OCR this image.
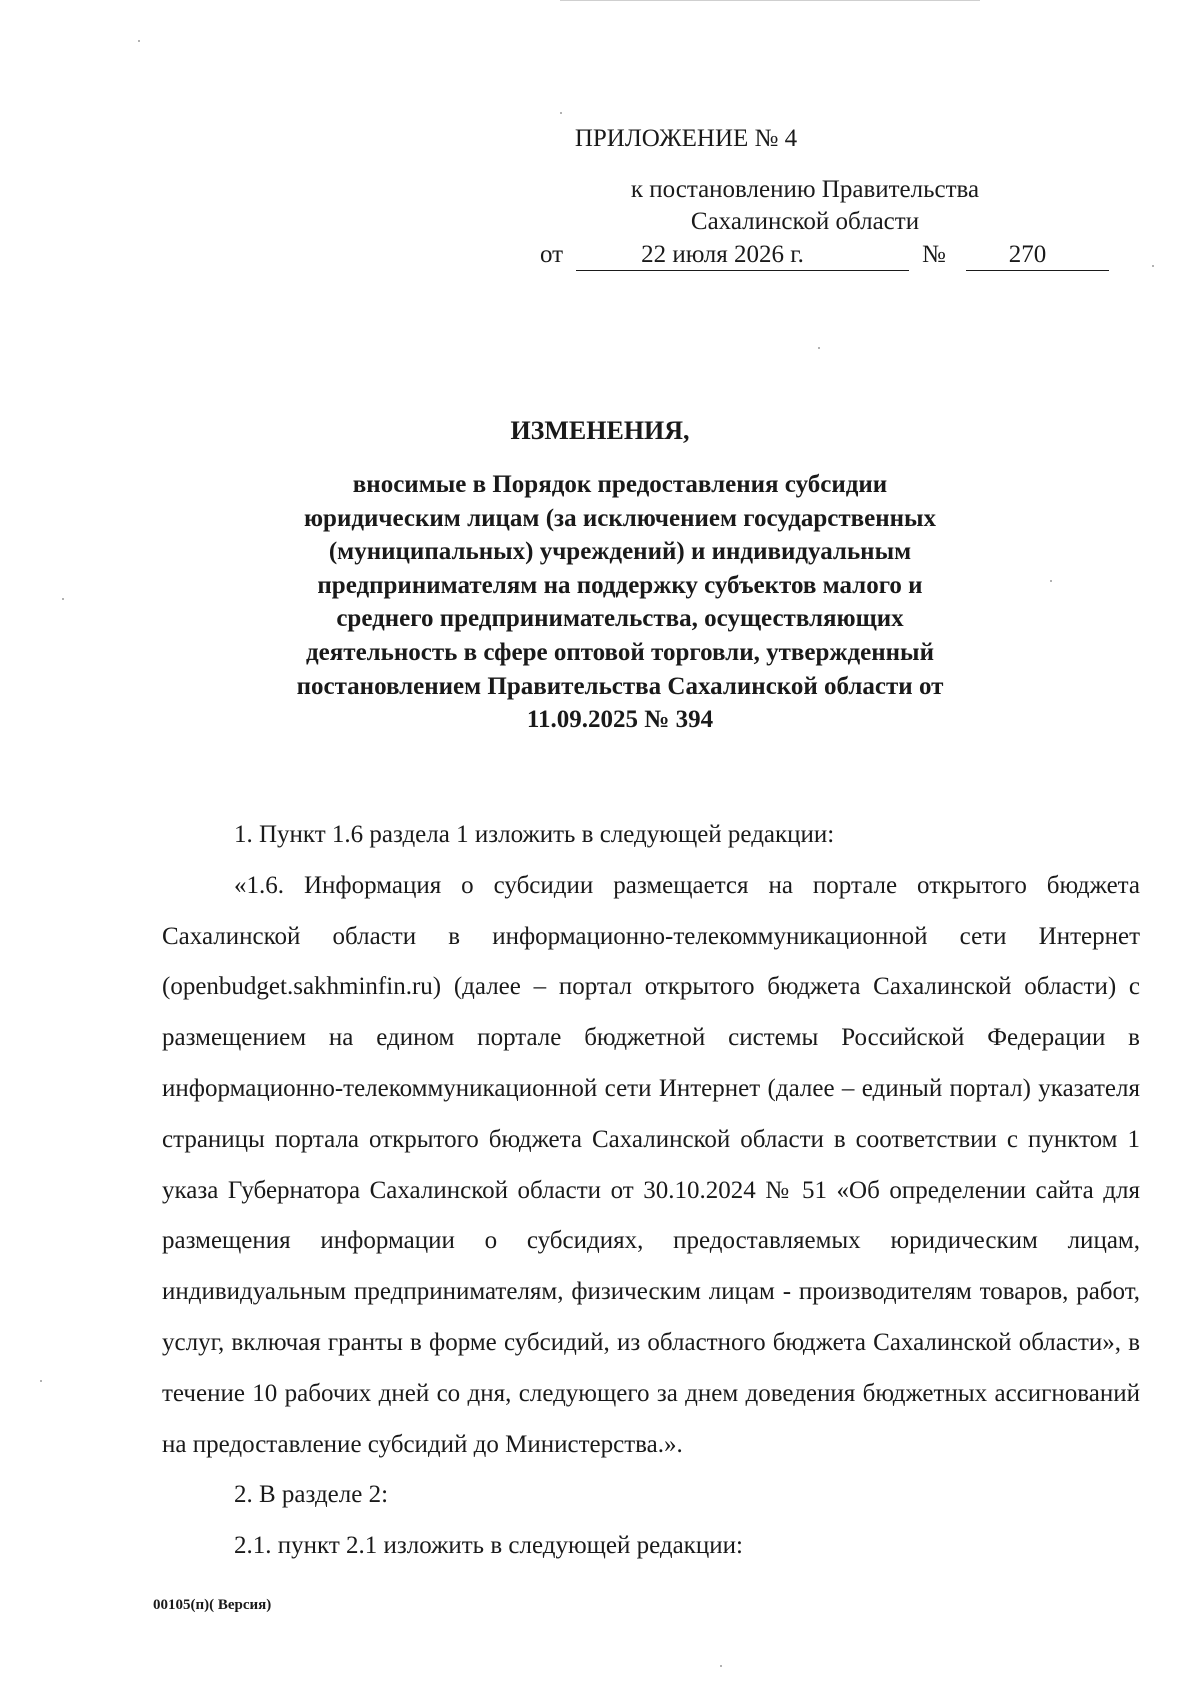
ПРИЛОЖЕНИЕ № 4
к постановлению Правительства
Сахалинской области
от	22 июля 2026 г.	№	270
ИЗМЕНЕНИЯ,
вносимые в Порядок предоставления субсидии юридическим лицам (за исключением государственных (муниципальных) учреждений) и индивидуальным предпринимателям на поддержку субъектов малого и среднего предпринимательства, осуществляющих деятельность в сфере оптовой торговли, утвержденный постановлением Правительства Сахалинской области от 11.09.2025 № 394

1. Пункт 1.6 раздела 1 изложить в следующей редакции:

«1.6. Информация о субсидии размещается на портале открытого бюджета Сахалинской области в информационно-телекоммуникационной сети Интернет (openbudget.sakhminfin.ru) (далее – портал открытого бюджета Сахалинской области) с размещением на едином портале бюджетной системы Российской Федерации в информационно-телекоммуникационной сети Интернет (далее – единый портал) указателя страницы портала открытого бюджета Сахалинской области в соответствии с пунктом 1 указа Губернатора Сахалинской области от 30.10.2024 № 51 «Об определении сайта для размещения информации о субсидиях, предоставляемых юридическим лицам, индивидуальным предпринимателям, физическим лицам - производителям товаров, работ, услуг, включая гранты в форме субсидий, из областного бюджета Сахалинской области», в течение 10 рабочих дней со дня, следующего за днем доведения бюджетных ассигнований на предоставление субсидий до Министерства.».

2. В разделе 2:

2.1. пункт 2.1 изложить в следующей редакции:

00105(п)( Версия)
